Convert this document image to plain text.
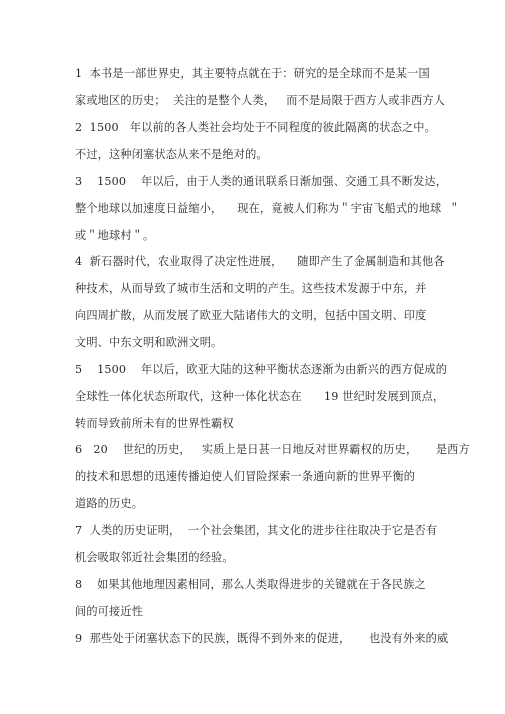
1  本书是一部世界史，其主要特点就在于：研究的是全球而不是某一国
家或地区的历史；  关注的是整个人类，   而不是局限于西方人或非西方人
2  1500   年以前的各人类社会均处于不同程度的彼此隔离的状态之中。
不过，这种闭塞状态从来不是绝对的。
3    1500    年以后，由于人类的通讯联系日渐加强、交通工具不断发达，
整个地球以加速度日益缩小，    现在，竟被人们称为＂宇宙飞船式的地球  ＂
或＂地球村＂。
4  新石器时代，农业取得了决定性进展，    随即产生了金属制造和其他各
种技术，从而导致了城市生活和文明的产生。这些技术发源于中东，并
向四周扩散，从而发展了欧亚大陆诸伟大的文明，包括中国文明、印度
文明、中东文明和欧洲文明。
5    1500    年以后，欧亚大陆的这种平衡状态逐渐为由新兴的西方促成的
全球性一体化状态所取代，这种一体化状态在      19 世纪时发展到顶点，
转而导致前所未有的世界性霸权
6   20    世纪的历史，   实质上是日甚一日地反对世界霸权的历史，     是西方
的技术和思想的迅速传播迫使人们冒险探索一条通向新的世界平衡的
道路的历史。
7  人类的历史证明，  一个社会集团，其文化的进步往往取决于它是否有
机会吸取邻近社会集团的经验。
8    如果其他地理因素相同，那么人类取得进步的关键就在于各民族之
间的可接近性
9  那些处于闭塞状态下的民族，既得不到外来的促进，     也没有外来的威
